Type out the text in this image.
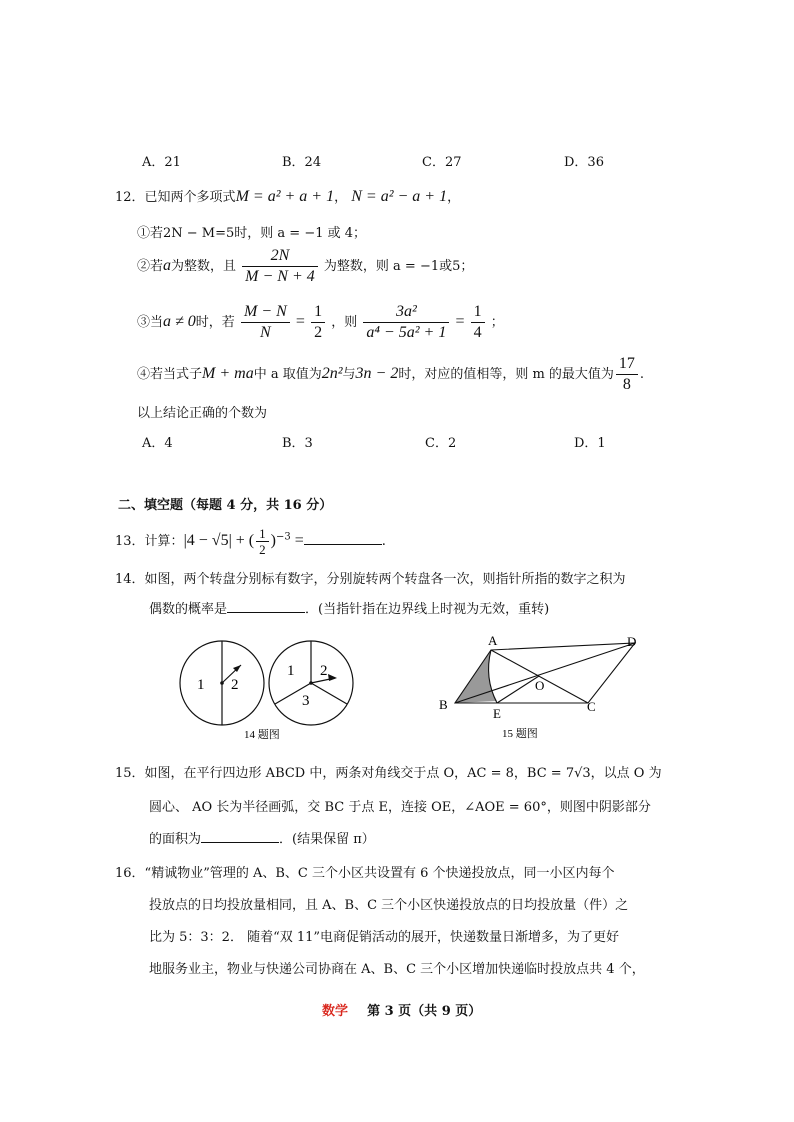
A．21	B．24	C．27	D．36
12．已知两个多项式M = a² + a + 1， N = a² − a + 1，
①若2N − M=5时，则 a = −1 或 4；
②若a为整数，且 $\frac{2N}{M - N + 4}$ 为整数，则 a = −1或5；
③当a ≠ 0时，若 $\frac{M - N}{N} = \frac{1}{2}$ ，则 $\frac{\text{3a²}}{\text{a⁴ − 5a² + 1}} = \frac{1}{4}$ ；
④若当式子M + ma中 a 取值为2n²与3n − 2时，对应的值相等，则 m 的最大值为 $\frac{17}{8}$ .
以上结论正确的个数为
A．4	B．3	C．2	D．1
二、填空题（每题 4 分，共 16 分）
13．计算：|4 − √5| + ( $\frac{1}{2} )^{-3}$ =	.
14．如图，两个转盘分别标有数字，分别旋转两个转盘各一次，则指针所指的数字之积为
偶数的概率是	．(当指针指在边界线上时视为无效，重转)
1 2
1 2
3
14 题图
A	D
O
B
E	C
15 题图
15．如图，在平行四边形 ABCD 中，两条对角线交于点 O，AC = 8，BC = 7√3，以点 O 为
圆心、 AO 长为半径画弧，交 BC 于点 E，连接 OE，∠AOE = 60°，则图中阴影部分
的面积为	．(结果保留 π）
16．“精诚物业”管理的 A、B、C 三个小区共设置有 6 个快递投放点，同一小区内每个
投放点的日均投放量相同，且 A、B、C 三个小区快递投放点的日均投放量（件）之
比为 5：3：2． 随着“双 11”电商促销活动的展开，快递数量日渐增多，为了更好
地服务业主，物业与快递公司协商在 A、B、C 三个小区增加快递临时投放点共 4 个，
数学 第 3 页（共 9 页）
